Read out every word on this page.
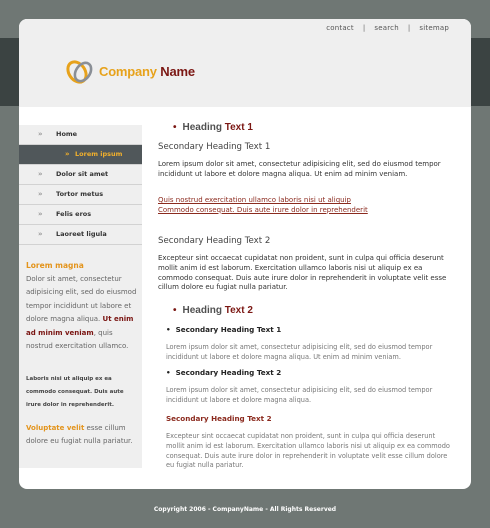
contact | search | sitemap
Company Name
» Home
» Lorem ipsum
» Dolor sit amet
» Tortor metus
» Felis eros
» Laoreet ligula
Lorem magna
Dolor sit amet, consectetur adipisicing elit, sed do eiusmod tempor incididunt ut labore et dolore magna aliqua. Ut enim ad minim veniam, quis nostrud exercitation ullamco.
Laboris nisi ut aliquip ex ea commodo consequat. Duis aute irure dolor in reprehenderit.
Voluptate velit esse cillum dolore eu fugiat nulla pariatur.
• Heading Text 1
Secondary Heading Text 1
Lorem ipsum dolor sit amet, consectetur adipisicing elit, sed do eiusmod tempor incididunt ut labore et dolore magna aliqua. Ut enim ad minim veniam.
Quis nostrud exercitation ullamco laboris nisi ut aliquip
Commodo consequat. Duis aute irure dolor in reprehenderit
Secondary Heading Text 2
Excepteur sint occaecat cupidatat non proident, sunt in culpa qui officia deserunt mollit anim id est laborum. Exercitation ullamco laboris nisi ut aliquip ex ea commodo consequat. Duis aute irure dolor in reprehenderit in voluptate velit esse cillum dolore eu fugiat nulla pariatur.
• Heading Text 2
• Secondary Heading Text 1
Lorem ipsum dolor sit amet, consectetur adipisicing elit, sed do eiusmod tempor incididunt ut labore et dolore magna aliqua. Ut enim ad minim veniam.
• Secondary Heading Text 2
Lorem ipsum dolor sit amet, consectetur adipisicing elit, sed do eiusmod tempor incididunt ut labore et dolore magna aliqua.
Secondary Heading Text 2
Excepteur sint occaecat cupidatat non proident, sunt in culpa qui officia deserunt mollit anim id est laborum. Exercitation ullamco laboris nisi ut aliquip ex ea commodo consequat. Duis aute irure dolor in reprehenderit in voluptate velit esse cillum dolore eu fugiat nulla pariatur.
Copyright 2006 - CompanyName - All Rights Reserved
